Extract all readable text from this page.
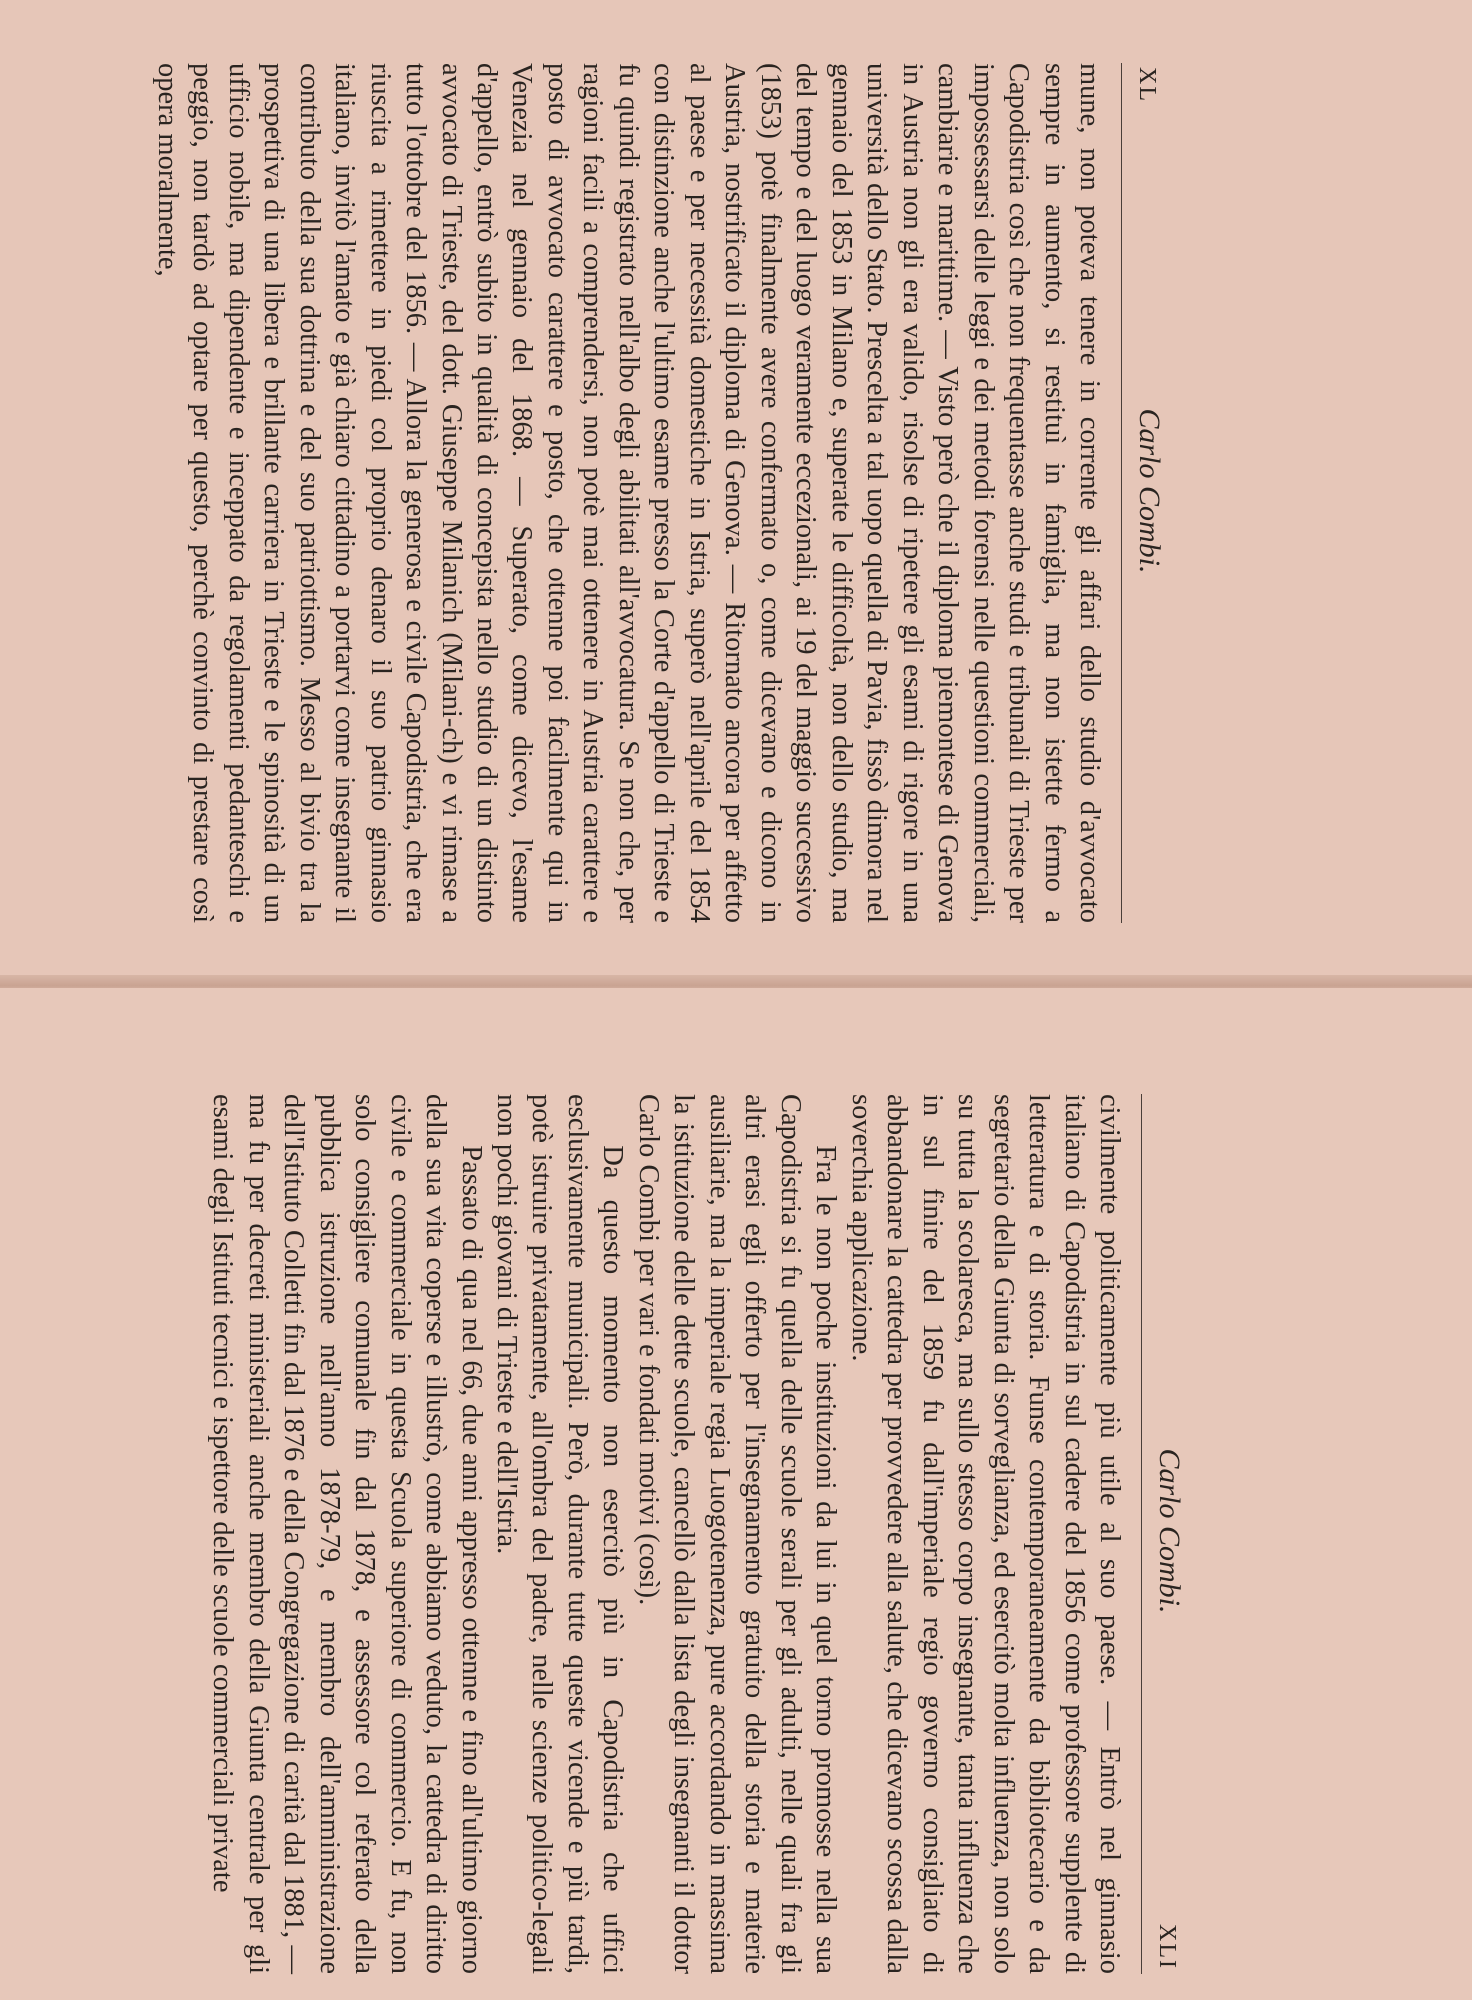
XL
Carlo Combi.

mune, non poteva tenere in corrente gli affari dello studio d'avvocato sempre in aumento, si restituì in famiglia, ma non istette fermo a Capodistria così che non frequentasse anche studi e tribunali di Trieste per impossessarsi delle leggi e dei metodi forensi nelle questioni commerciali, cambiarie e marittime. — Visto però che il diploma piemontese di Genova in Austria non gli era valido, risolse di ripetere gli esami di rigore in una università dello Stato. Prescelta a tal uopo quella di Pavia, fissò dimora nel gennaio del 1853 in Milano e, superate le difficoltà, non dello studio, ma del tempo e del luogo veramente eccezionali, ai 19 del maggio successivo (1853) potè finalmente avere confermato o, come dicevano e dicono in Austria, nostrificato il diploma di Genova. — Ritornato ancora per affetto al paese e per necessità domestiche in Istria, superò nell'aprile del 1854 con distinzione anche l'ultimo esame presso la Corte d'appello di Trieste e fu quindi registrato nell'albo degli abilitati all'avvocatura. Se non che, per ragioni facili a comprendersi, non potè mai ottenere in Austria carattere e posto di avvocato carattere e posto, che ottenne poi facilmente qui in Venezia nel gennaio del 1868. — Superato, come dicevo, l'esame d'appello, entrò subito in qualità di concepista nello studio di un distinto avvocato di Trieste, del dott. Giuseppe Milanich (Milani-ch) e vi rimase a tutto l'ottobre del 1856. — Allora la generosa e civile Capodistria, che era riuscita a rimettere in piedi col proprio denaro il suo patrio ginnasio italiano, invitò l'amato e già chiaro cittadino a portarvi come insegnante il contributo della sua dottrina e del suo patriottismo. Messo al bivio tra la prospettiva di una libera e brillante carriera in Trieste e le spinosità di un ufficio nobile, ma dipendente e inceppato da regolamenti pedanteschi e peggio, non tardò ad optare per questo, perchè convinto di prestare così opera moralmente,

Carlo Combi.
XLI

civilmente politicamente più utile al suo paese. — Entrò nel ginnasio italiano di Capodistria in sul cadere del 1856 come professore supplente di letteratura e di storia. Funse contemporaneamente da bibliotecario e da segretario della Giunta di sorveglianza, ed esercitò molta influenza, non solo su tutta la scolaresca, ma sullo stesso corpo insegnante, tanta influenza che in sul finire del 1859 fu dall'imperiale regio governo consigliato di abbandonare la cattedra per provvedere alla salute, che dicevano scossa dalla soverchia applicazione.

Fra le non poche instituzioni da lui in quel torno promosse nella sua Capodistria si fu quella delle scuole serali per gli adulti, nelle quali fra gli altri erasi egli offerto per l'insegnamento gratuito della storia e materie ausiliarie, ma la imperiale regia Luogotenenza, pure accordando in massima la istituzione delle dette scuole, cancellò dalla lista degli insegnanti il dottor Carlo Combi per vari e fondati motivi (così).

Da questo momento non esercitò più in Capodistria che uffici esclusivamente municipali. Però, durante tutte queste vicende e più tardi, potè istruire privatamente, all'ombra del padre, nelle scienze politico-legali non pochi giovani di Trieste e dell'Istria.

Passato di qua nel 66, due anni appresso ottenne e fino all'ultimo giorno della sua vita coperse e illustrò, come abbiamo veduto, la cattedra di diritto civile e commerciale in questa Scuola superiore di commercio. E fu, non solo consigliere comunale fin dal 1878, e assessore col referato della pubblica istruzione nell'anno 1878-79, e membro dell'amministrazione dell'Istituto Colletti fin dal 1876 e della Congregazione di carità dal 1881, — ma fu per decreti ministeriali anche membro della Giunta centrale per gli esami degli Istituti tecnici e ispettore delle scuole commerciali private
